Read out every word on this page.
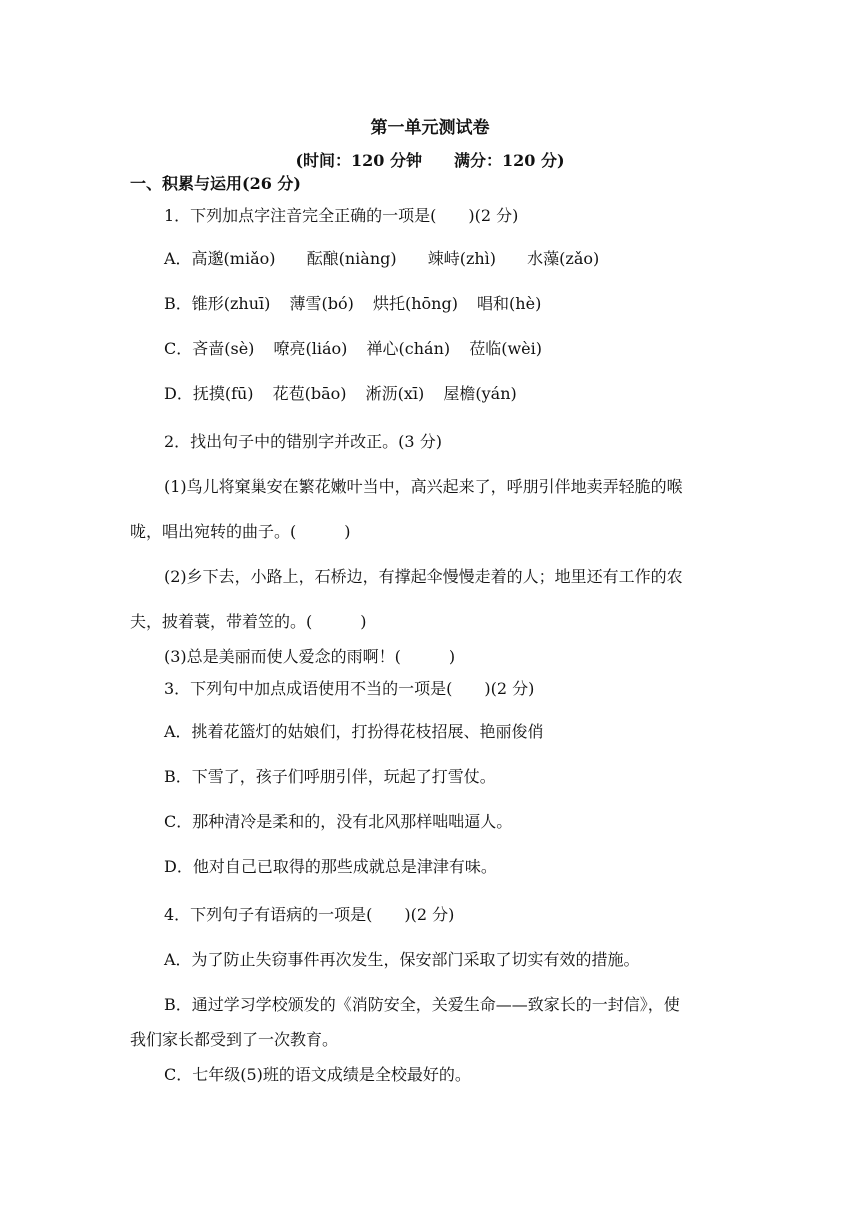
第一单元测试卷
(时间：120 分钟　　满分：120 分)
一、积累与运用(26 分)
1．下列加点字注音完全正确的一项是(　　)(2 分)
A．高邈(miǎo) 酝酿(niàng) 竦峙(zhì) 水藻(zǎo)
B．锥形(zhuī) 薄雪(bó) 烘托(hōng) 唱和(hè)
C．吝啬(sè) 嘹亮(liáo) 禅心(chán) 莅临(wèi)
D．抚摸(fū) 花苞(bāo) 淅沥(xī) 屋檐(yán)
2．找出句子中的错别字并改正。(3 分)
(1)鸟儿将窠巢安在繁花嫩叶当中，高兴起来了，呼朋引伴地卖弄轻脆的喉
咙，唱出宛转的曲子。(　　　)
(2)乡下去，小路上，石桥边，有撑起伞慢慢走着的人；地里还有工作的农
夫，披着蓑，带着笠的。(　　　)
(3)总是美丽而使人爱念的雨啊！(　　　)
3．下列句中加点成语使用不当的一项是(　　)(2 分)
A．挑着花篮灯的姑娘们，打扮得花枝招展、艳丽俊俏
B．下雪了，孩子们呼朋引伴，玩起了打雪仗。
C．那种清冷是柔和的，没有北风那样咄咄逼人。
D．他对自己已取得的那些成就总是津津有味。
4．下列句子有语病的一项是(　　)(2 分)
A．为了防止失窃事件再次发生，保安部门采取了切实有效的措施。
B．通过学习学校颁发的《消防安全，关爱生命——致家长的一封信》，使
我们家长都受到了一次教育。
C．七年级(5)班的语文成绩是全校最好的。
